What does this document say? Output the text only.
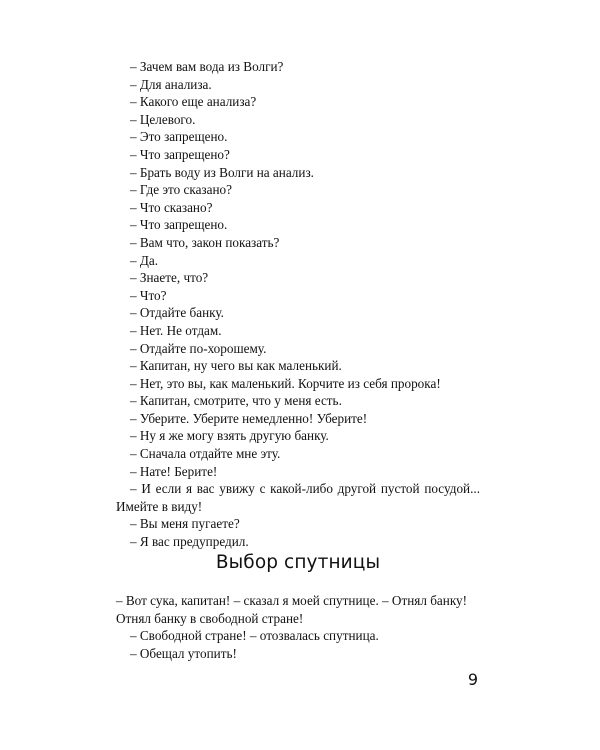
– Зачем вам вода из Волги?
– Для анализа.
– Какого еще анализа?
– Целевого.
– Это запрещено.
– Что запрещено?
– Брать воду из Волги на анализ.
– Где это сказано?
– Что сказано?
– Что запрещено.
– Вам что, закон показать?
– Да.
– Знаете, что?
– Что?
– Отдайте банку.
– Нет. Не отдам.
– Отдайте по-хорошему.
– Капитан, ну чего вы как маленький.
– Нет, это вы, как маленький. Корчите из себя пророка!
– Капитан, смотрите, что у меня есть.
– Уберите. Уберите немедленно! Уберите!
– Ну я же могу взять другую банку.
– Сначала отдайте мне эту.
– Нате! Берите!
– И если я вас увижу с какой-либо другой пустой посудой... Имейте в виду!
– Вы меня пугаете?
– Я вас предупредил.
Выбор спутницы

– Вот сука, капитан! – сказал я моей спутнице. – Отнял банку! Отнял банку в свободной стране!

– Свободной стране! – отозвалась спутница.

– Обещал утопить!

9
